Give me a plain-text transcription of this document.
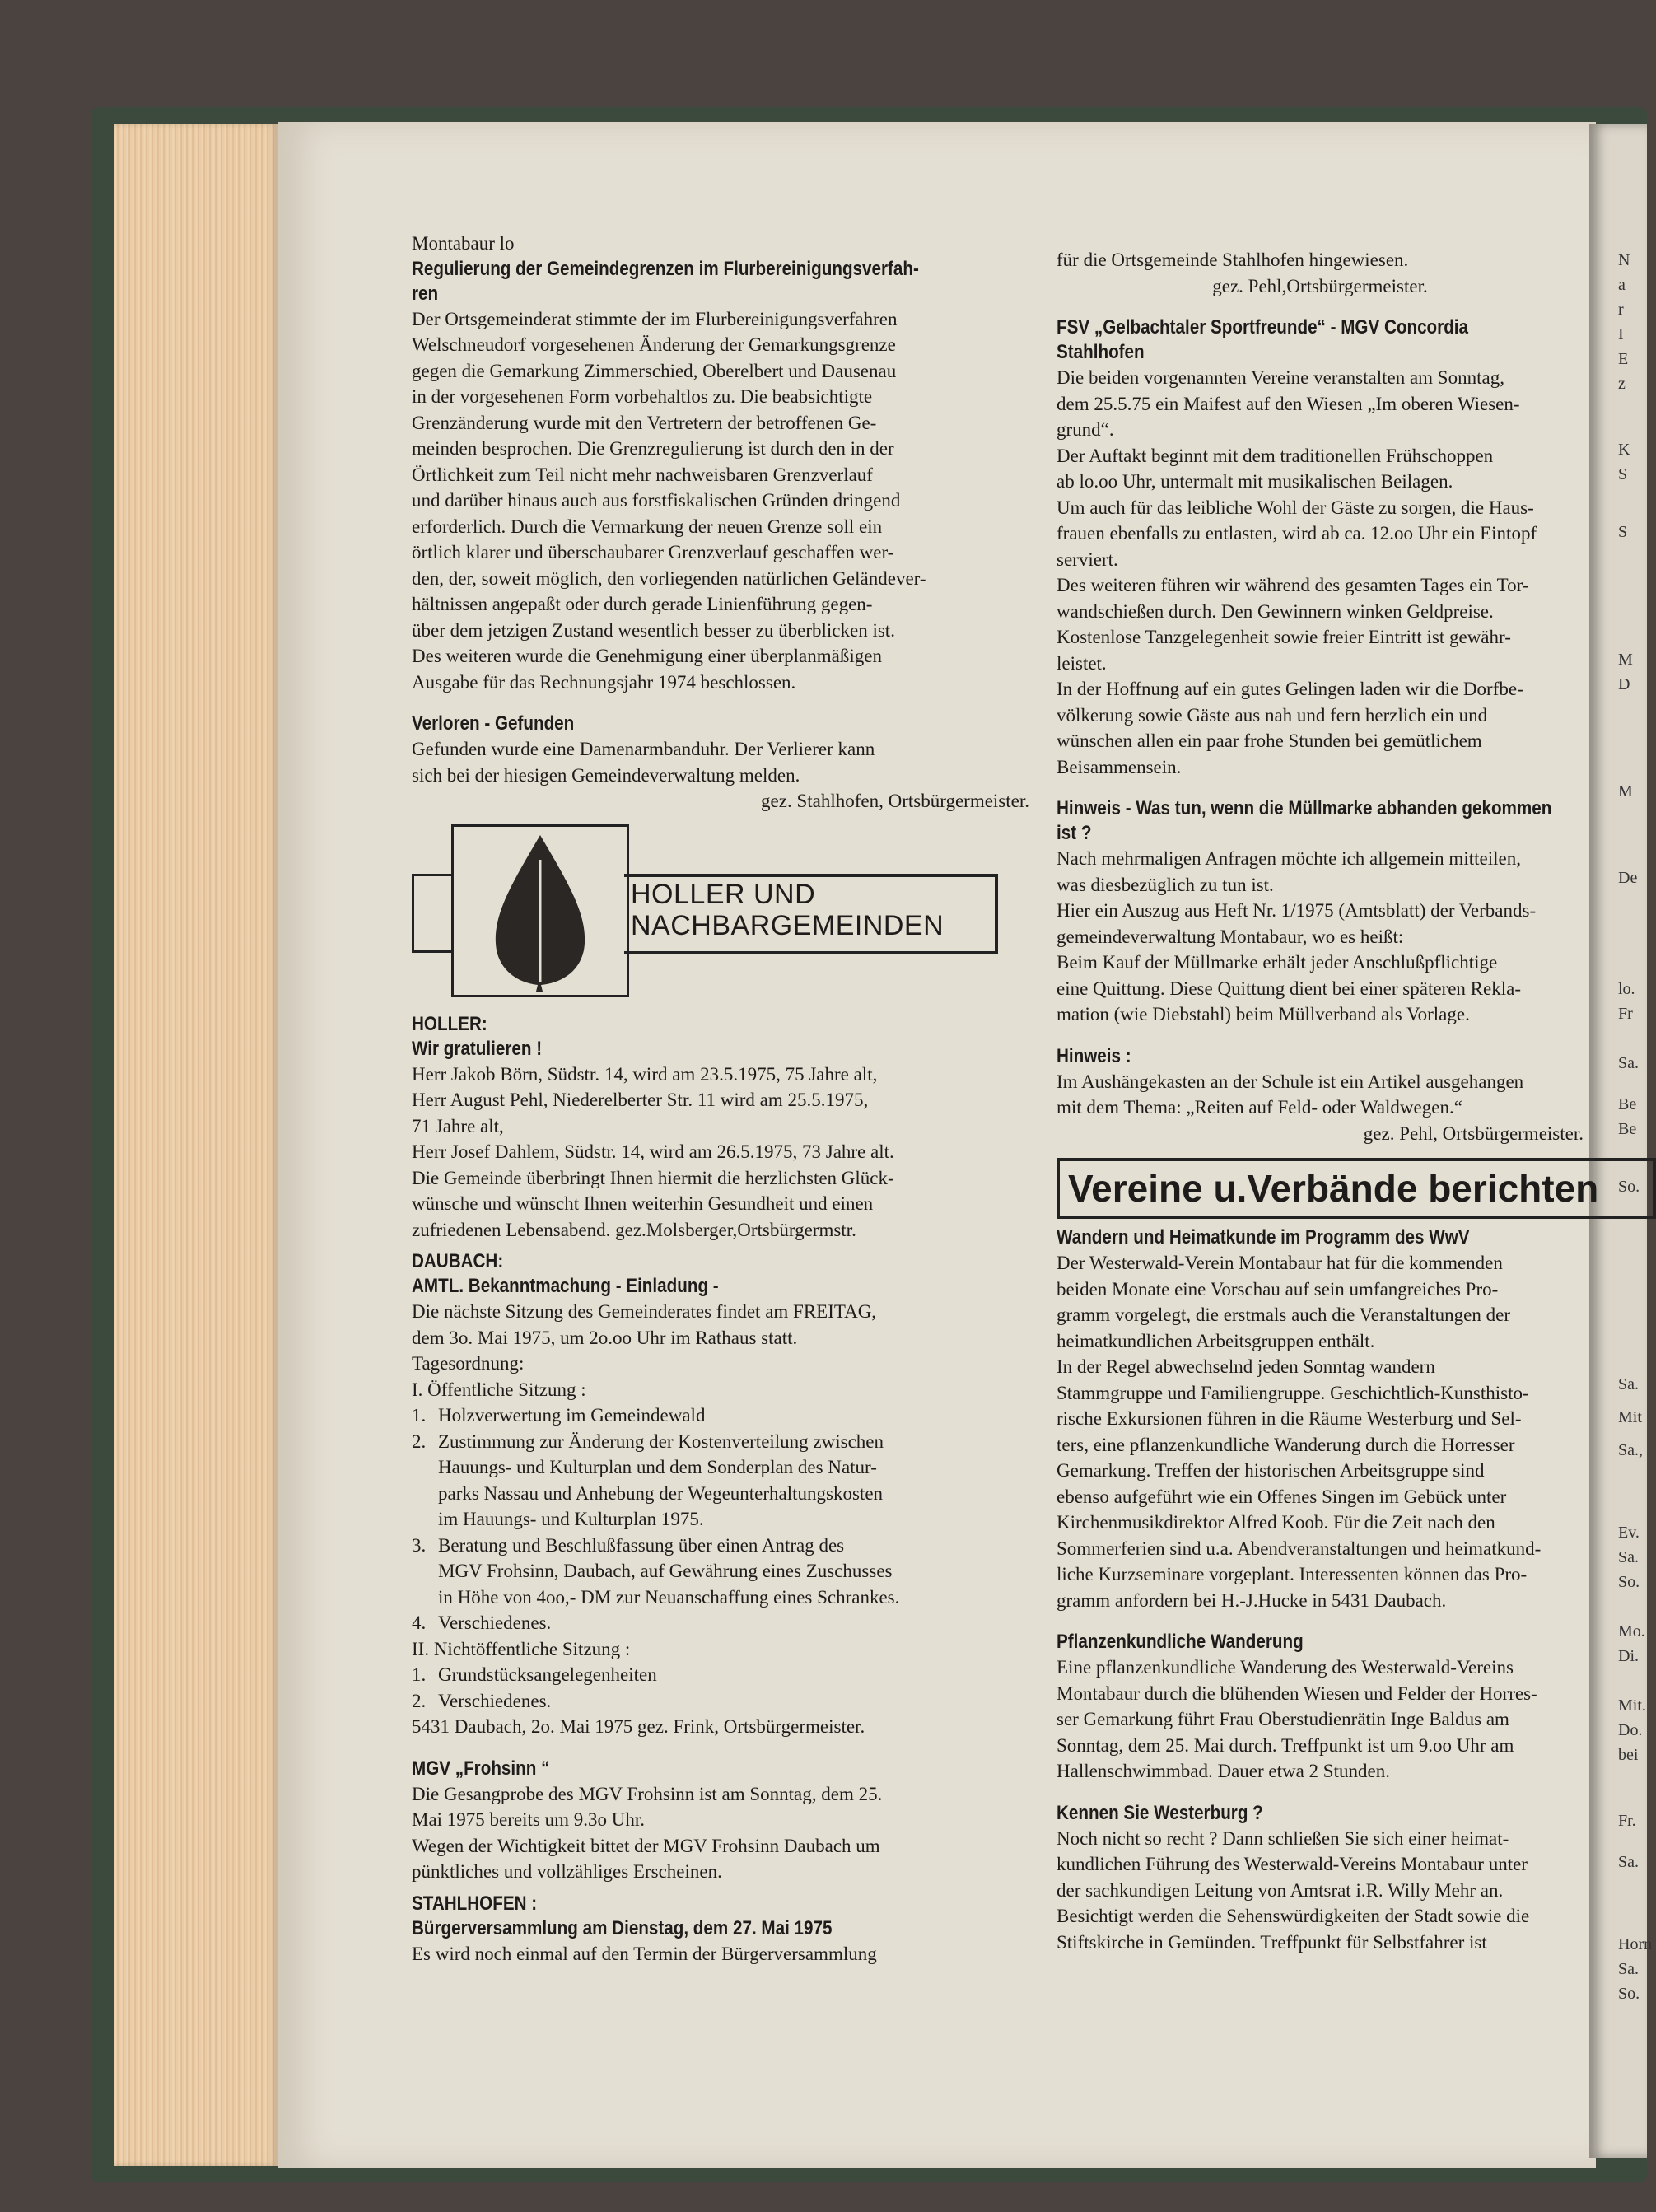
N
a
r
I
E
z
K
S
S
M
D
M
De
lo.
Fr
Sa.
Be
Be
So.
Sa.
Mit
Sa.,
Ev.
Sa.
So.
Mo.
Di.
Mit.
Do.
bei
Fr.
Sa.
Horn
Sa.
So.

Montabaur lo

Regulierung der Gemeindegrenzen im Flurbereinigungsverfah-

ren

Der Ortsgemeinderat stimmte der im Flurbereinigungsverfahren

Welschneudorf vorgesehenen Änderung der Gemarkungsgrenze

gegen die Gemarkung Zimmerschied, Oberelbert und Dausenau

in der vorgesehenen Form vorbehaltlos zu. Die beabsichtigte

Grenzänderung wurde mit den Vertretern der betroffenen Ge-

meinden besprochen. Die Grenzregulierung ist durch den in der

Örtlichkeit zum Teil nicht mehr nachweisbaren Grenzverlauf

und darüber hinaus auch aus forstfiskalischen Gründen dringend

erforderlich. Durch die Vermarkung der neuen Grenze soll ein

örtlich klarer und überschaubarer Grenzverlauf geschaffen wer-

den, der, soweit möglich, den vorliegenden natürlichen Geländever-

hältnissen angepaßt oder durch gerade Linienführung gegen-

über dem jetzigen Zustand wesentlich besser zu überblicken ist.

Des weiteren wurde die Genehmigung einer überplanmäßigen

Ausgabe für das Rechnungsjahr 1974 beschlossen.

Verloren - Gefunden

Gefunden wurde eine Damenarmbanduhr. Der Verlierer kann

sich bei der hiesigen Gemeindeverwaltung melden.

gez. Stahlhofen, Ortsbürgermeister.

HOLLER UND
NACHBARGEMEINDEN

HOLLER:

Wir gratulieren !

Herr Jakob Börn, Südstr. 14, wird am 23.5.1975, 75 Jahre alt,

Herr August Pehl, Niederelberter Str. 11 wird am 25.5.1975,

71 Jahre alt,

Herr Josef Dahlem, Südstr. 14, wird am 26.5.1975, 73 Jahre alt.

Die Gemeinde überbringt Ihnen hiermit die herzlichsten Glück-

wünsche und wünscht Ihnen weiterhin Gesundheit und einen

zufriedenen Lebensabend. gez.Molsberger,Ortsbürgermstr.

DAUBACH:

AMTL. Bekanntmachung - Einladung -

Die nächste Sitzung des Gemeinderates findet am FREITAG,

dem 3o. Mai 1975, um 2o.oo Uhr im Rathaus statt.

Tagesordnung:

I. Öffentliche Sitzung :

1. Holzverwertung im Gemeindewald
2. Zustimmung zur Änderung der Kostenverteilung zwischen
Hauungs- und Kulturplan und dem Sonderplan des Natur-
parks Nassau und Anhebung der Wegeunterhaltungskosten
im Hauungs- und Kulturplan 1975.
3. Beratung und Beschlußfassung über einen Antrag des
MGV Frohsinn, Daubach, auf Gewährung eines Zuschusses
in Höhe von 4oo,- DM zur Neuanschaffung eines Schrankes.
4. Verschiedenes.

II. Nichtöffentliche Sitzung :

1. Grundstücksangelegenheiten
2. Verschiedenes.

5431 Daubach, 2o. Mai 1975 gez. Frink, Ortsbürgermeister.

MGV „Frohsinn “

Die Gesangprobe des MGV Frohsinn ist am Sonntag, dem 25.

Mai 1975 bereits um 9.3o Uhr.

Wegen der Wichtigkeit bittet der MGV Frohsinn Daubach um

pünktliches und vollzähliges Erscheinen.

STAHLHOFEN :

Bürgerversammlung am Dienstag, dem 27. Mai 1975

Es wird noch einmal auf den Termin der Bürgerversammlung

für die Ortsgemeinde Stahlhofen hingewiesen.

gez. Pehl,Ortsbürgermeister.

FSV „Gelbachtaler Sportfreunde“ - MGV Concordia

Stahlhofen

Die beiden vorgenannten Vereine veranstalten am Sonntag,

dem 25.5.75 ein Maifest auf den Wiesen „Im oberen Wiesen-

grund“.

Der Auftakt beginnt mit dem traditionellen Frühschoppen

ab lo.oo Uhr, untermalt mit musikalischen Beilagen.

Um auch für das leibliche Wohl der Gäste zu sorgen, die Haus-

frauen ebenfalls zu entlasten, wird ab ca. 12.oo Uhr ein Eintopf

serviert.

Des weiteren führen wir während des gesamten Tages ein Tor-

wandschießen durch. Den Gewinnern winken Geldpreise.

Kostenlose Tanzgelegenheit sowie freier Eintritt ist gewähr-

leistet.

In der Hoffnung auf ein gutes Gelingen laden wir die Dorfbe-

völkerung sowie Gäste aus nah und fern herzlich ein und

wünschen allen ein paar frohe Stunden bei gemütlichem

Beisammensein.

Hinweis - Was tun, wenn die Müllmarke abhanden gekommen

ist ?

Nach mehrmaligen Anfragen möchte ich allgemein mitteilen,

was diesbezüglich zu tun ist.

Hier ein Auszug aus Heft Nr. 1/1975 (Amtsblatt) der Verbands-

gemeindeverwaltung Montabaur, wo es heißt:

Beim Kauf der Müllmarke erhält jeder Anschlußpflichtige

eine Quittung. Diese Quittung dient bei einer späteren Rekla-

mation (wie Diebstahl) beim Müllverband als Vorlage.

Hinweis :

Im Aushängekasten an der Schule ist ein Artikel ausgehangen

mit dem Thema: „Reiten auf Feld- oder Waldwegen.“

gez. Pehl, Ortsbürgermeister.

Vereine u.Verbände berichten

Wandern und Heimatkunde im Programm des WwV

Der Westerwald-Verein Montabaur hat für die kommenden

beiden Monate eine Vorschau auf sein umfangreiches Pro-

gramm vorgelegt, die erstmals auch die Veranstaltungen der

heimatkundlichen Arbeitsgruppen enthält.

In der Regel abwechselnd jeden Sonntag wandern

Stammgruppe und Familiengruppe. Geschichtlich-Kunsthisto-

rische Exkursionen führen in die Räume Westerburg und Sel-

ters, eine pflanzenkundliche Wanderung durch die Horresser

Gemarkung. Treffen der historischen Arbeitsgruppe sind

ebenso aufgeführt wie ein Offenes Singen im Gebück unter

Kirchenmusikdirektor Alfred Koob. Für die Zeit nach den

Sommerferien sind u.a. Abendveranstaltungen und heimatkund-

liche Kurzseminare vorgeplant. Interessenten können das Pro-

gramm anfordern bei H.-J.Hucke in 5431 Daubach.

Pflanzenkundliche Wanderung

Eine pflanzenkundliche Wanderung des Westerwald-Vereins

Montabaur durch die blühenden Wiesen und Felder der Horres-

ser Gemarkung führt Frau Oberstudienrätin Inge Baldus am

Sonntag, dem 25. Mai durch. Treffpunkt ist um 9.oo Uhr am

Hallenschwimmbad. Dauer etwa 2 Stunden.

Kennen Sie Westerburg ?

Noch nicht so recht ? Dann schließen Sie sich einer heimat-

kundlichen Führung des Westerwald-Vereins Montabaur unter

der sachkundigen Leitung von Amtsrat i.R. Willy Mehr an.

Besichtigt werden die Sehenswürdigkeiten der Stadt sowie die

Stiftskirche in Gemünden. Treffpunkt für Selbstfahrer ist
